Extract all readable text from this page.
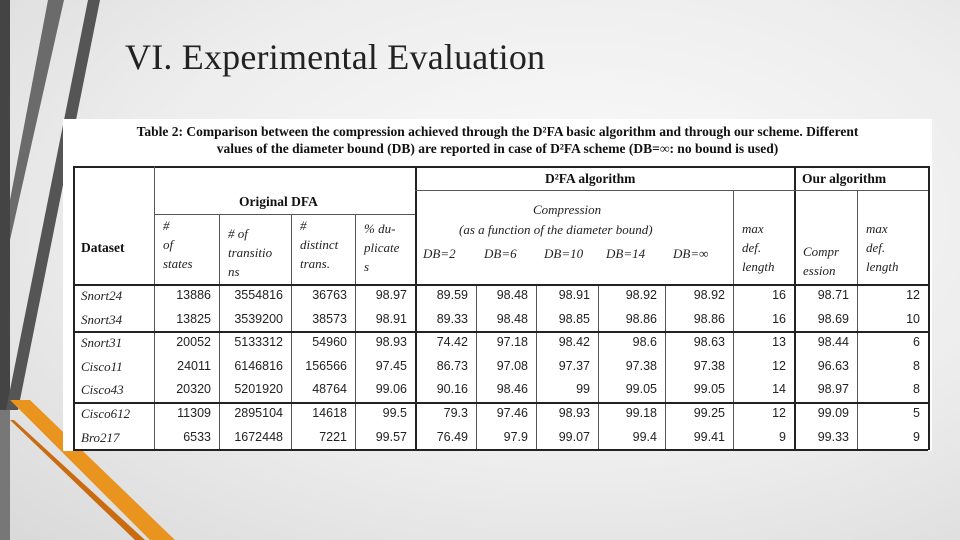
VI. Experimental Evaluation
Table 2: Comparison between the compression achieved through the D²FA basic algorithm and through our scheme. Different
values of the diameter bound (DB) are reported in case of D²FA scheme (DB=∞: no bound is used)
D²FA algorithm	Our algorithm
Original DFA
Compression
(as a function of the diameter bound)
Dataset
#
of
states
# of
transitio
ns
#
distinct
trans.
% du-
plicate
s
max
def.
length
Compr
ession
max
def.
length
DB=2 DB=6 DB=10 DB=14 DB=∞
Snort24	13886	3554816	36763	98.97	89.59	98.48	98.91	98.92	98.92	16	98.71	12
Snort34	13825	3539200	38573	98.91	89.33	98.48	98.85	98.86	98.86	16	98.69	10
Snort31	20052	5133312	54960	98.93	74.42	97.18	98.42	98.6	98.63	13	98.44	6
Cisco11	24011	6146816	156566	97.45	86.73	97.08	97.37	97.38	97.38	12	96.63	8
Cisco43	20320	5201920	48764	99.06	90.16	98.46	99	99.05	99.05	14	98.97	8
Cisco612	11309	2895104	14618	99.5	79.3	97.46	98.93	99.18	99.25	12	99.09	5
Bro217	6533	1672448	7221	99.57	76.49	97.9	99.07	99.4	99.41	9	99.33	9
